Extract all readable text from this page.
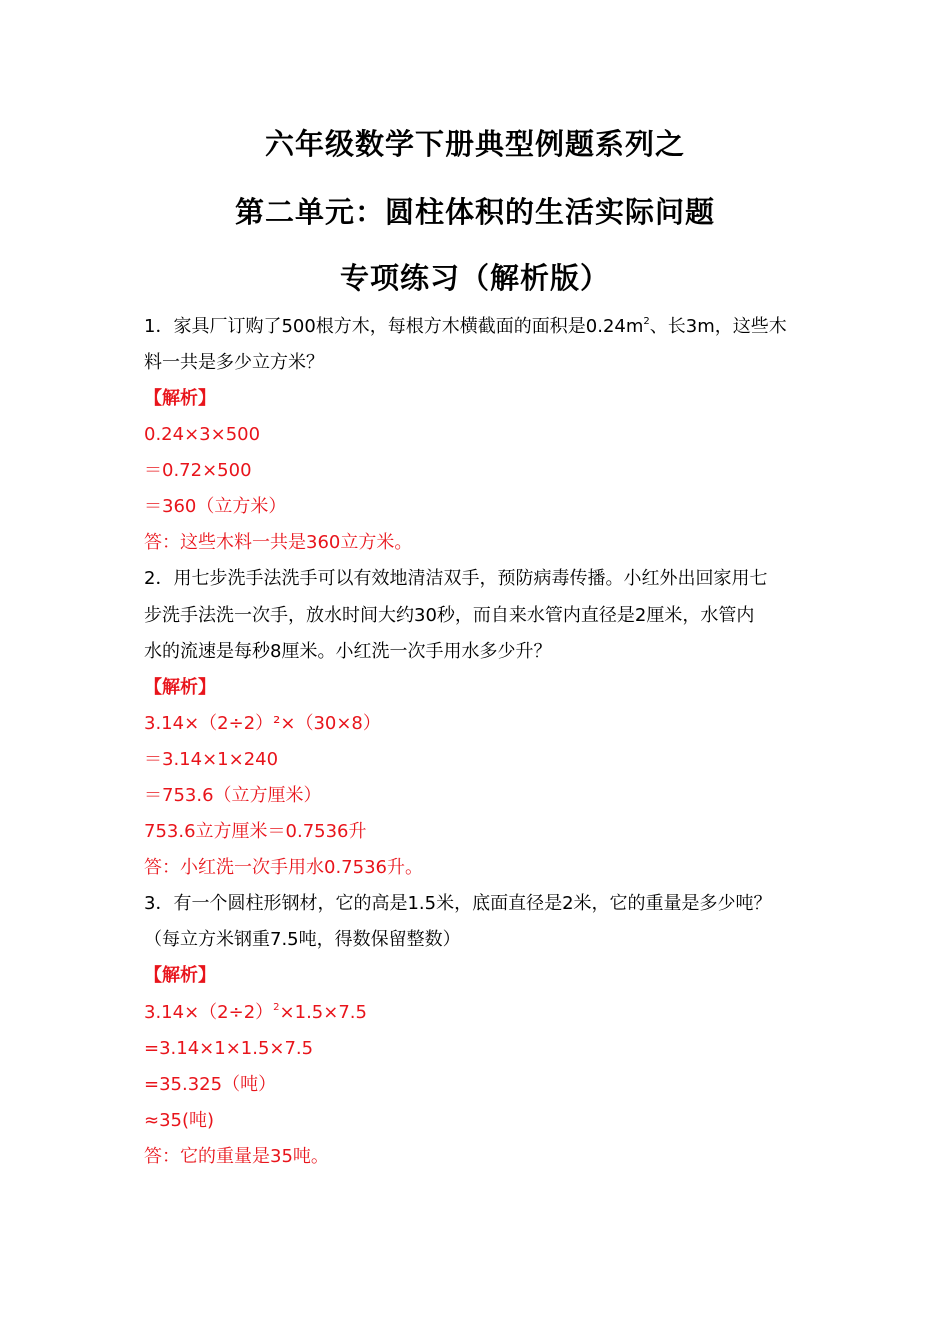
六年级数学下册典型例题系列之
第二单元：圆柱体积的生活实际问题
专项练习（解析版）
1．家具厂订购了500根方木，每根方木横截面的面积是$0.24m^2$、长3m，这些木
料一共是多少立方米？
【解析】
0.24×3×500
＝0.72×500
＝360（立方米）
答：这些木料一共是360立方米。
2．用七步洗手法洗手可以有效地清洁双手，预防病毒传播。小红外出回家用七
步洗手法洗一次手，放水时间大约30秒，而自来水管内直径是2厘米，水管内
水的流速是每秒8厘米。小红洗一次手用水多少升？
【解析】
3.14×（2÷2）²×（30×8）
＝3.14×1×240
＝753.6（立方厘米）
753.6立方厘米＝0.7536升
答：小红洗一次手用水0.7536升。
3．有一个圆柱形钢材，它的高是1.5米，底面直径是2米，它的重量是多少吨？
（每立方米钢重7.5吨，得数保留整数）
【解析】
$3.14\times(2\div 2)^2\times 1.5\times 7.5$
=3.14×1×1.5×7.5
=35.325（吨）
≈35(吨)
答：它的重量是35吨。
